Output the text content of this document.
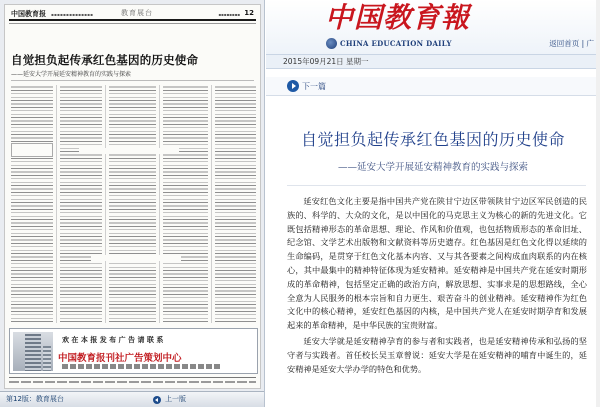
中国教育报 ▪▪▪▪▪▪▪▪▪▪▪▪▪▪	教育展台	▪▪▪▪▪▪▪▪ 12
自觉担负起传承红色基因的历史使命
——延安大学开展延安精神教育的实践与探索
欢 在 本 报 发 布 广 告 请 联 系
中国教育报刊社广告策划中心
第12版：教育展台	上一版
中国教育報
CHINA EDUCATION DAILY	返回首页 | 广
2015年09月21日 星期一
下一篇
自觉担负起传承红色基因的历史使命
——延安大学开展延安精神教育的实践与探索

延安红色文化主要是指中国共产党在陕甘宁边区带领陕甘宁边区军民创造的民族的、科学的、大众的文化，是以中国化的马克思主义为核心的新的先进文化。它既包括精神形态的革命思想、理论、作风和价值观，也包括物质形态的革命旧址、纪念馆、文学艺术出版物和文献资料等历史遗存。红色基因是红色文化得以延续的生命编码，是贯穿于红色文化基本内容、又与其各要素之间构成血肉联系的内在核心，其中最集中的精神特征体现为延安精神。延安精神是中国共产党在延安时期形成的革命精神，包括坚定正确的政治方向，解放思想、实事求是的思想路线，全心全意为人民服务的根本宗旨和自力更生、艰苦奋斗的创业精神。延安精神作为红色文化中的核心精神，延安红色基因的内核，是中国共产党人在延安时期孕育和发展起来的革命精神，是中华民族的宝贵财富。

延安大学就是延安精神孕育的参与者和实践者，也是延安精神传承和弘扬的坚守者与实践者。首任校长吴玉章曾说：延安大学是在延安精神的哺育中诞生的，延安精神是延安大学办学的特色和优势。
